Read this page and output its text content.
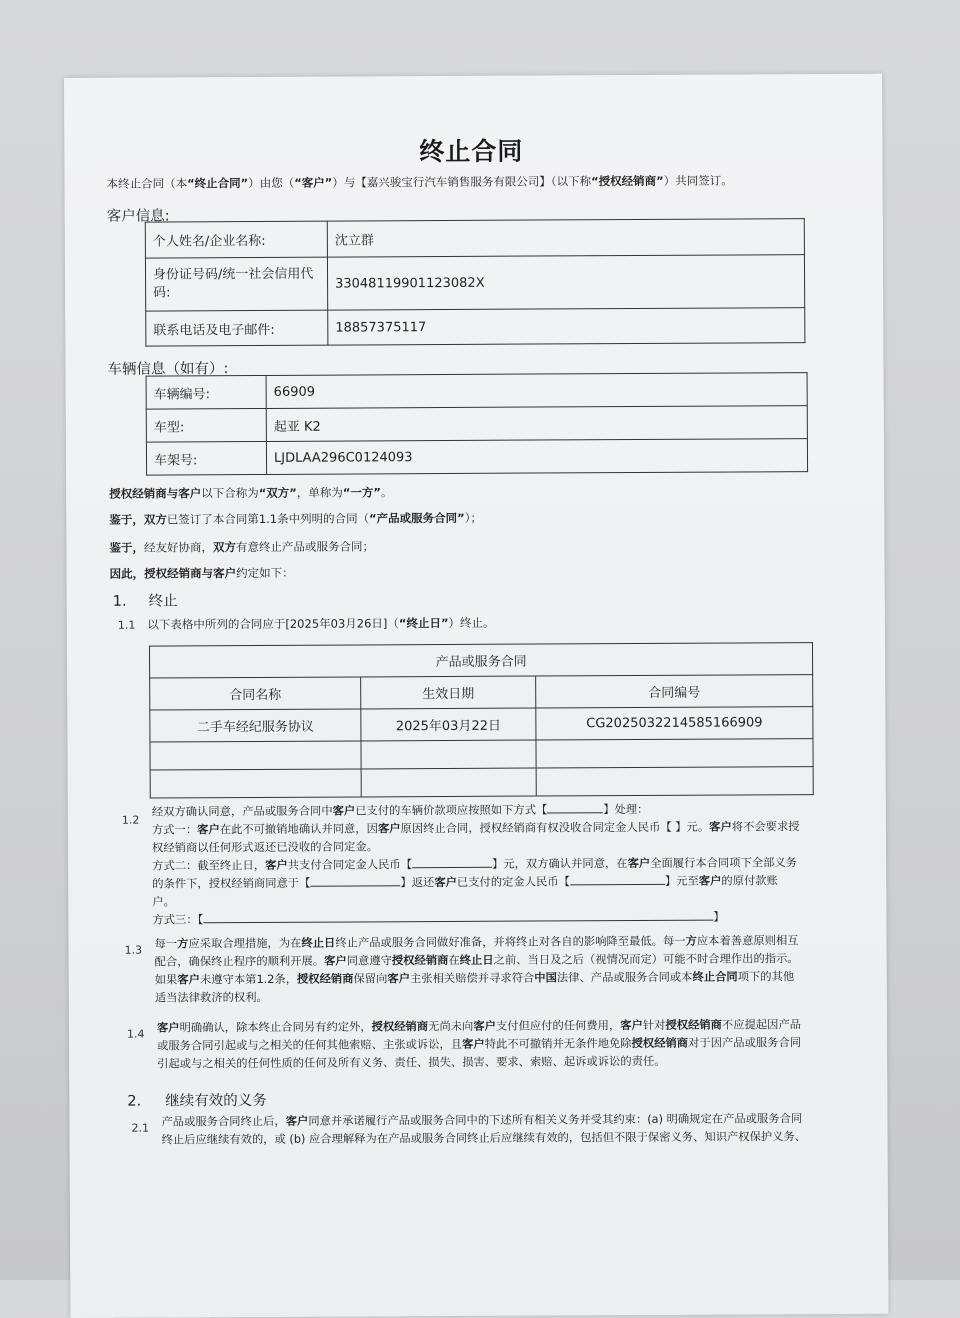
终止合同
本终止合同（本“终止合同”）由您（“客户”）与【嘉兴骏宝行汽车销售服务有限公司】（以下称“授权经销商”）共同签订。
客户信息:
个人姓名/企业名称:	沈立群
身份证号码/统一社会信用代码:	33048119901123082X
联系电话及电子邮件:	18857375117
车辆信息（如有）:
车辆编号:	66909
车型:	起亚 K2
车架号:	LJDLAA296C0124093
授权经销商与客户以下合称为“双方”，单称为“一方”。
鉴于，双方已签订了本合同第1.1条中列明的合同（“产品或服务合同”）；
鉴于，经友好协商，双方有意终止产品或服务合同；
因此，授权经销商与客户约定如下：
1. 终止
1.1 以下表格中所列的合同应于[2025年03月26日]（“终止日”）终止。
产品或服务合同		
合同名称	生效日期	合同编号
二手车经纪服务协议	2025年03月22日	CG2025032214585166909

1.2
经双方确认同意，产品或服务合同中客户已支付的车辆价款项应按照如下方式【	】处理：
方式一：客户在此不可撤销地确认并同意，因客户原因终止合同，授权经销商有权没收合同定金人民币【 】元。客户将不会要求授
权经销商以任何形式返还已没收的合同定金。
方式二：截至终止日，客户共支付合同定金人民币【	】元，双方确认并同意，在客户全面履行本合同项下全部义务
的条件下，授权经销商同意于【	】返还客户已支付的定金人民币【	】元至客户的原付款账
户。
方式三：【	】
1.3 每一方应采取合理措施，为在终止日终止产品或服务合同做好准备，并将终止对各自的影响降至最低。每一方应本着善意原则相互
配合，确保终止程序的顺利开展。客户同意遵守授权经销商在终止日之前、当日及之后（视情况而定）可能不时合理作出的指示。
如果客户未遵守本第1.2条，授权经销商保留向客户主张相关赔偿并寻求符合中国法律、产品或服务合同或本终止合同项下的其他
适当法律救济的权利。
1.4 客户明确确认，除本终止合同另有约定外，授权经销商无尚未向客户支付但应付的任何费用，客户针对授权经销商不应提起因产品
或服务合同引起或与之相关的任何其他索赔、主张或诉讼，且客户特此不可撤销并无条件地免除授权经销商对于因产品或服务合同
引起或与之相关的任何性质的任何及所有义务、责任、损失、损害、要求、索赔、起诉或诉讼的责任。
2. 继续有效的义务
2.1 产品或服务合同终止后，客户同意并承诺履行产品或服务合同中的下述所有相关义务并受其约束：(a) 明确规定在产品或服务合同
终止后应继续有效的，或 (b) 应合理解释为在产品或服务合同终止后应继续有效的，包括但不限于保密义务、知识产权保护义务、
